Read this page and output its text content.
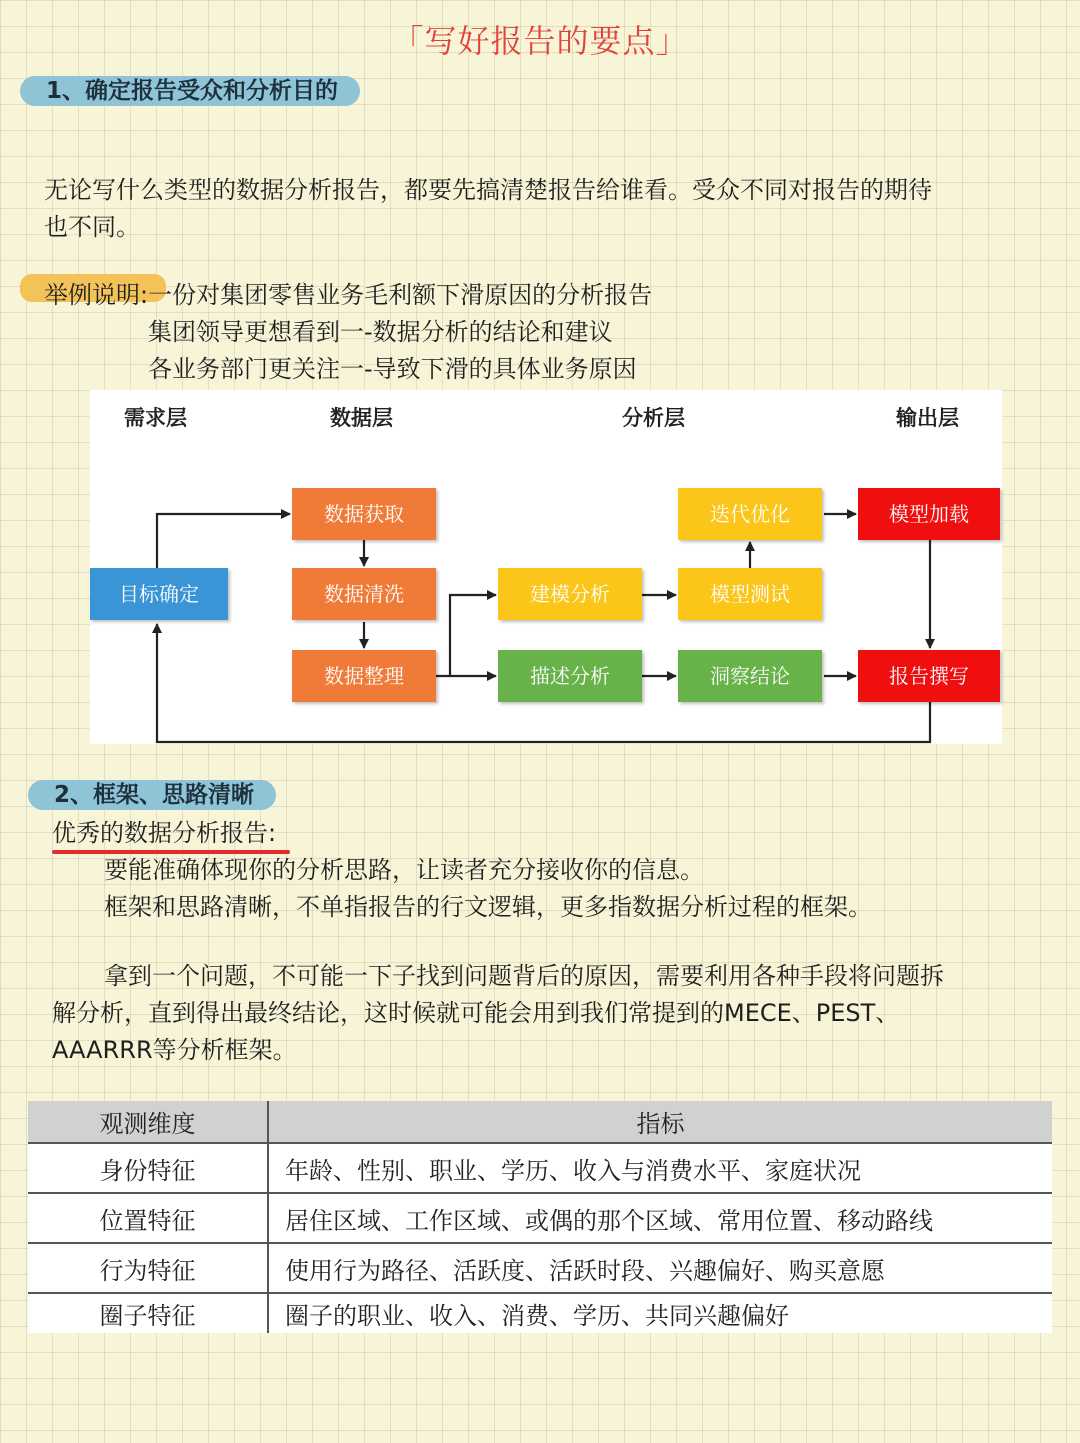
「写好报告的要点」
1、确定报告受众和分析目的
无论写什么类型的数据分析报告，都要先搞清楚报告给谁看。受众不同对报告的期待
也不同。
举例说明:一份对集团零售业务毛利额下滑原因的分析报告
集团领导更想看到一-数据分析的结论和建议
各业务部门更关注一-导致下滑的具体业务原因
需求层	数据层	分析层	输出层
目标确定
数据获取
数据清洗
数据整理
建模分析
描述分析
迭代优化
模型测试
洞察结论
模型加载
报告撰写
2、框架、思路清晰
优秀的数据分析报告:
要能准确体现你的分析思路，让读者充分接收你的信息。
框架和思路清晰，不单指报告的行文逻辑，更多指数据分析过程的框架。
拿到一个问题，不可能一下子找到问题背后的原因，需要利用各种手段将问题拆
解分析，直到得出最终结论，这时候就可能会用到我们常提到的MECE、PEST、
AAARRR等分析框架。
观测维度	指标
身份特征	年龄、性别、职业、学历、收入与消费水平、家庭状况
位置特征	居住区域、工作区域、或偶的那个区域、常用位置、移动路线
行为特征	使用行为路径、活跃度、活跃时段、兴趣偏好、购买意愿
圈子特征	圈子的职业、收入、消费、学历、共同兴趣偏好
